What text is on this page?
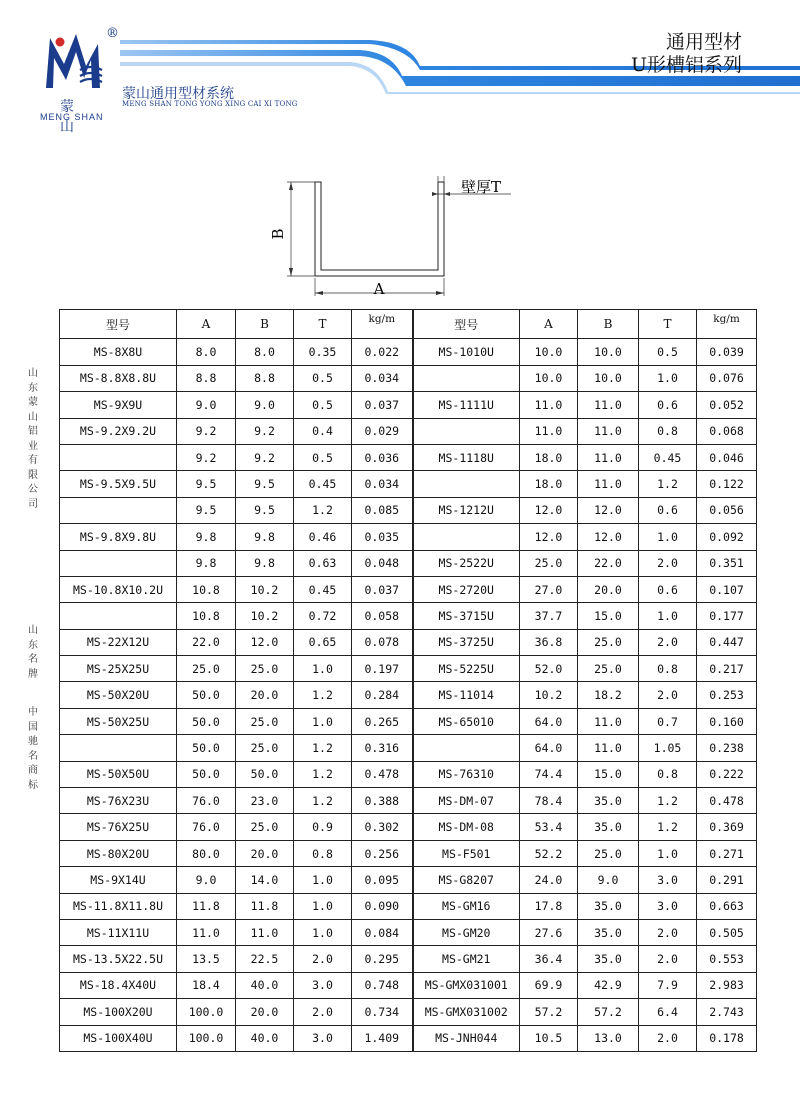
®
蒙 山
MENG SHAN
蒙山通用型材系统
MENG SHAN TONG YONG XING CAI XI TONG
通用型材
U形槽铝系列
B
A
壁厚T
山东蒙山铝业有限公司
山东名牌
中国驰名商标
型号	A	B	T	kg/m	型号	A	B	T	kg/m
MS-8X8U	8.0	8.0	0.35	0.022	MS-1010U	10.0	10.0	0.5	0.039
MS-8.8X8.8U	8.8	8.8	0.5	0.034		10.0	10.0	1.0	0.076
MS-9X9U	9.0	9.0	0.5	0.037	MS-1111U	11.0	11.0	0.6	0.052
MS-9.2X9.2U	9.2	9.2	0.4	0.029		11.0	11.0	0.8	0.068
	9.2	9.2	0.5	0.036	MS-1118U	18.0	11.0	0.45	0.046
MS-9.5X9.5U	9.5	9.5	0.45	0.034		18.0	11.0	1.2	0.122
	9.5	9.5	1.2	0.085	MS-1212U	12.0	12.0	0.6	0.056
MS-9.8X9.8U	9.8	9.8	0.46	0.035		12.0	12.0	1.0	0.092
	9.8	9.8	0.63	0.048	MS-2522U	25.0	22.0	2.0	0.351
MS-10.8X10.2U	10.8	10.2	0.45	0.037	MS-2720U	27.0	20.0	0.6	0.107
	10.8	10.2	0.72	0.058	MS-3715U	37.7	15.0	1.0	0.177
MS-22X12U	22.0	12.0	0.65	0.078	MS-3725U	36.8	25.0	2.0	0.447
MS-25X25U	25.0	25.0	1.0	0.197	MS-5225U	52.0	25.0	0.8	0.217
MS-50X20U	50.0	20.0	1.2	0.284	MS-11014	10.2	18.2	2.0	0.253
MS-50X25U	50.0	25.0	1.0	0.265	MS-65010	64.0	11.0	0.7	0.160
	50.0	25.0	1.2	0.316		64.0	11.0	1.05	0.238
MS-50X50U	50.0	50.0	1.2	0.478	MS-76310	74.4	15.0	0.8	0.222
MS-76X23U	76.0	23.0	1.2	0.388	MS-DM-07	78.4	35.0	1.2	0.478
MS-76X25U	76.0	25.0	0.9	0.302	MS-DM-08	53.4	35.0	1.2	0.369
MS-80X20U	80.0	20.0	0.8	0.256	MS-F501	52.2	25.0	1.0	0.271
MS-9X14U	9.0	14.0	1.0	0.095	MS-G8207	24.0	9.0	3.0	0.291
MS-11.8X11.8U	11.8	11.8	1.0	0.090	MS-GM16	17.8	35.0	3.0	0.663
MS-11X11U	11.0	11.0	1.0	0.084	MS-GM20	27.6	35.0	2.0	0.505
MS-13.5X22.5U	13.5	22.5	2.0	0.295	MS-GM21	36.4	35.0	2.0	0.553
MS-18.4X40U	18.4	40.0	3.0	0.748	MS-GMX031001	69.9	42.9	7.9	2.983
MS-100X20U	100.0	20.0	2.0	0.734	MS-GMX031002	57.2	57.2	6.4	2.743
MS-100X40U	100.0	40.0	3.0	1.409	MS-JNH044	10.5	13.0	2.0	0.178
